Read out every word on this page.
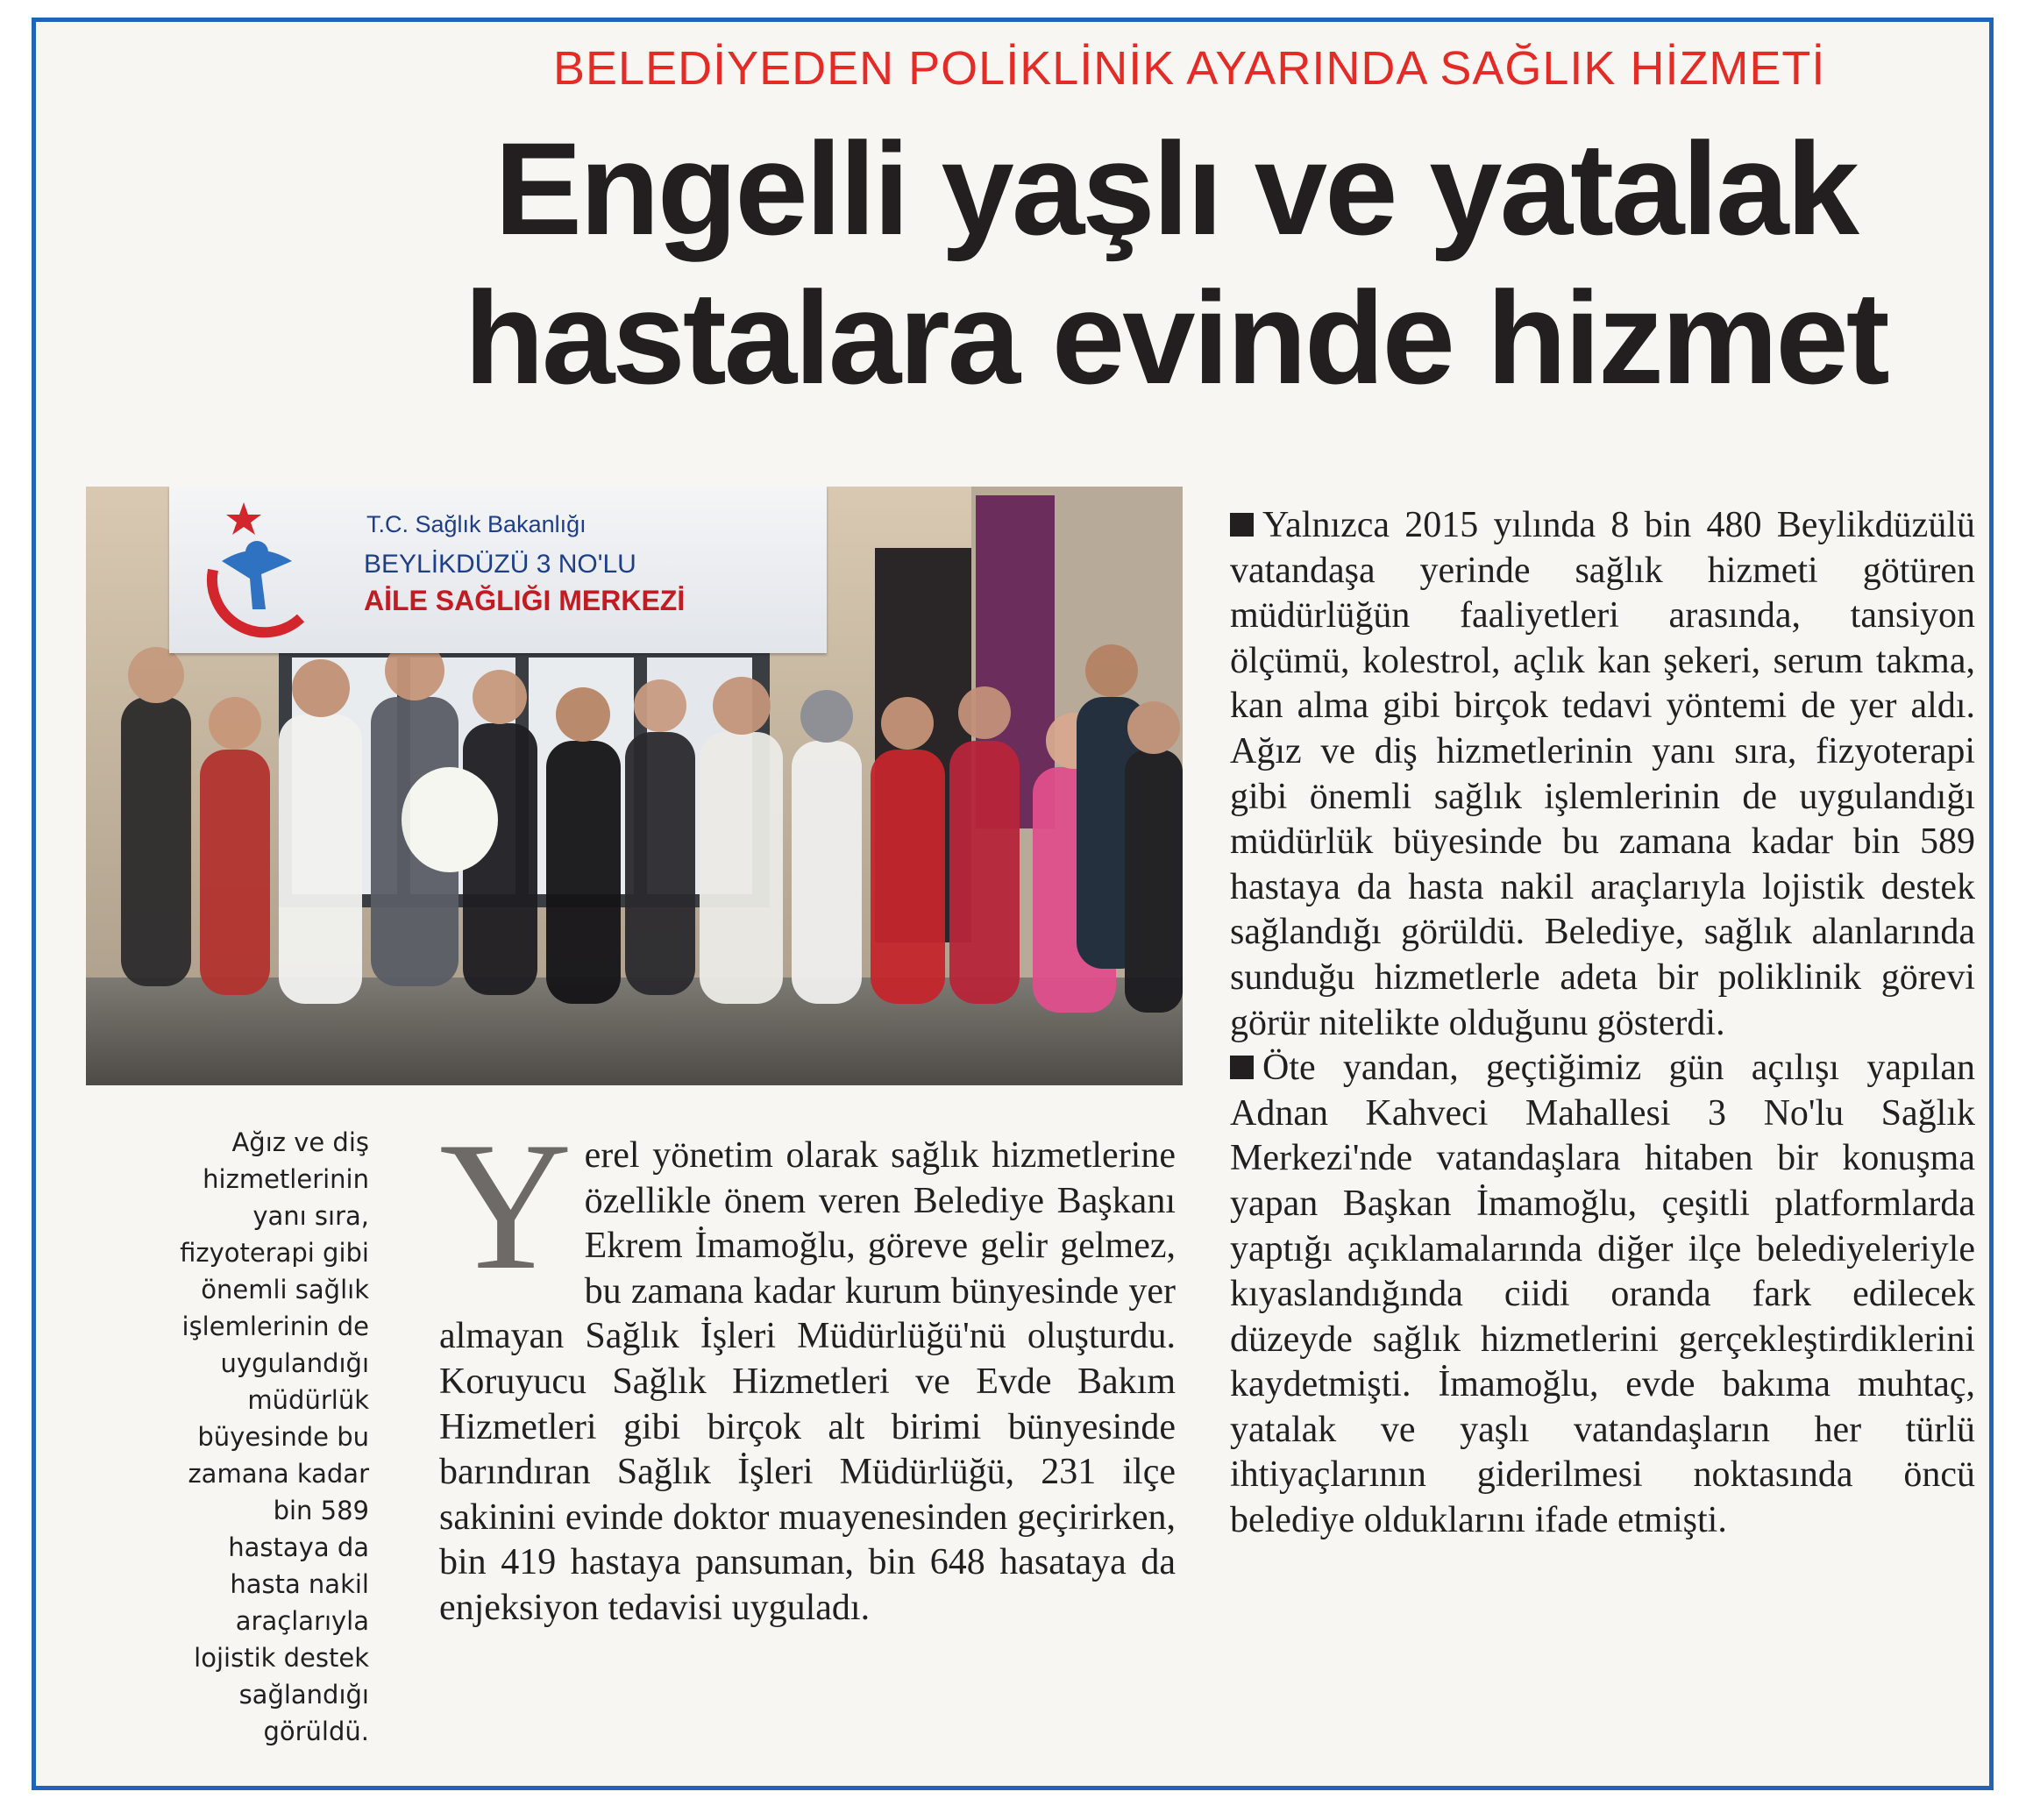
BELEDİYEDEN POLİKLİNİK AYARINDA SAĞLIK HİZMETİ
Engelli yaşlı ve yatalak
hastalara evinde hizmet
T.C. Sağlık Bakanlığı
BEYLİKDÜZÜ 3 NO'LU
AİLE SAĞLIĞI MERKEZİ
Ağız ve diş hizmetlerinin yanı sıra, fizyoterapi gibi önemli sağlık işlemlerinin de uygulandığı müdürlük büyesinde bu zamana kadar bin 589 hastaya da hasta nakil araçlarıyla lojistik destek sağlandığı görüldü.
Y erel yönetim olarak sağlık hizmetlerine özellikle önem veren Belediye Başkanı Ekrem İmamoğlu, göreve gelir gelmez, bu zamana kadar kurum bünyesinde yer almayan Sağlık İşleri Müdürlüğü'nü oluşturdu. Koruyucu Sağlık Hizmetleri ve Evde Bakım Hizmetleri gibi birçok alt birimi bünyesinde barındıran Sağlık İşleri Müdürlüğü, 231 ilçe sakinini evinde doktor muayenesinden geçirirken, bin 419 hastaya pansuman, bin 648 hasataya da enjeksiyon tedavisi uyguladı.
Yalnızca 2015 yılında 8 bin 480 Beylikdüzülü vatandaşa yerinde sağlık hizmeti götüren müdürlüğün faaliyetleri arasında, tansiyon ölçümü, kolestrol, açlık kan şekeri, serum takma, kan alma gibi birçok tedavi yöntemi de yer aldı. Ağız ve diş hizmetlerinin yanı sıra, fizyoterapi gibi önemli sağlık işlemlerinin de uygulandığı müdürlük büyesinde bu zamana kadar bin 589 hastaya da hasta nakil araçlarıyla lojistik destek sağlandığı görüldü. Belediye, sağlık alanlarında sunduğu hizmetlerle adeta bir poliklinik görevi görür nitelikte olduğunu gösterdi.
Öte yandan, geçtiğimiz gün açılışı yapılan Adnan Kahveci Mahallesi 3 No'lu Sağlık Merkezi'nde vatandaşlara hitaben bir konuşma yapan Başkan İmamoğlu, çeşitli platformlarda yaptığı açıklamalarında diğer ilçe belediyeleriyle kıyaslandığında ciidi oranda fark edilecek düzeyde sağlık hizmetlerini gerçekleştirdiklerini kaydetmişti. İmamoğlu, evde bakıma muhtaç, yatalak ve yaşlı vatandaşların her türlü ihtiyaçlarının giderilmesi noktasında öncü belediye olduklarını ifade etmişti.
